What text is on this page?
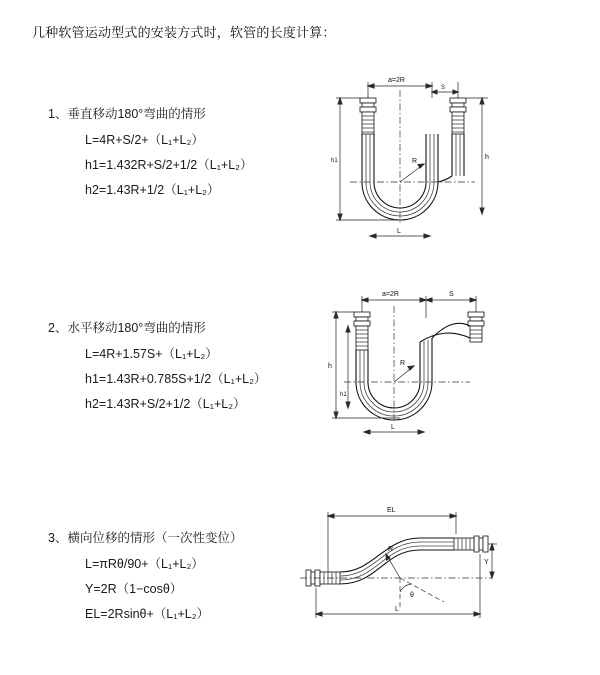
几种软管运动型式的安装方式时，软管的长度计算：
1、垂直移动180°弯曲的情形
L=4R+S/2+（L₁+L₂）
h1=1.432R+S/2+1/2（L₁+L₂）
h2=1.43R+1/2（L₁+L₂）
a=2R
S
R
h
h1
L
2、水平移动180°弯曲的情形
L=4R+1.57S+（L₁+L₂）
h1=1.43R+0.785S+1/2（L₁+L₂）
h2=1.43R+S/2+1/2（L₁+L₂）
a=2R	S
R
h
h1
L
3、横向位移的情形（一次性变位）
L=πRθ/90+（L₁+L₂）
Y=2R（1−cosθ）
EL=2Rsinθ+（L₁+L₂）
EL
θ
R
Y
L
